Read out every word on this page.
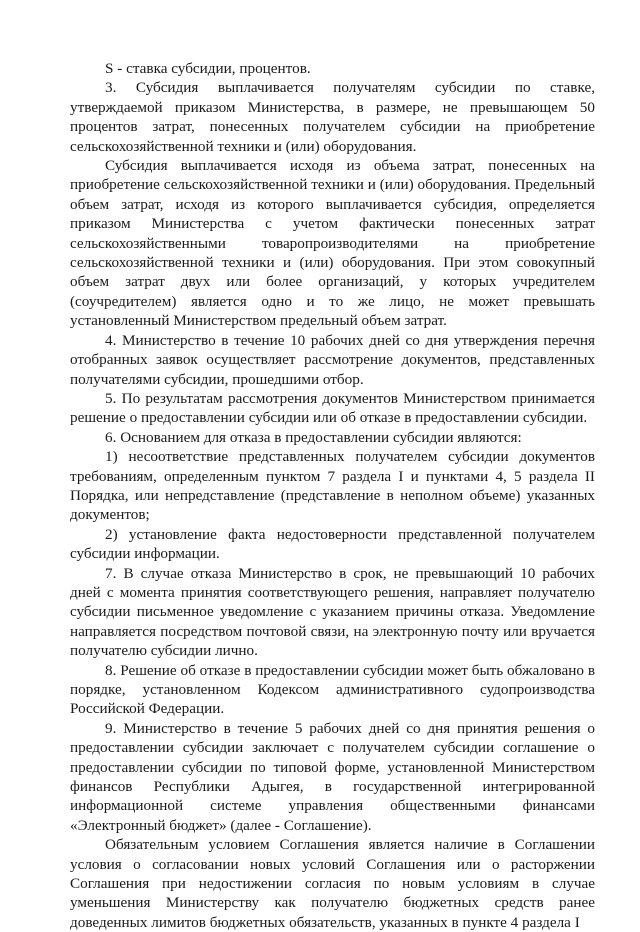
S - ставка субсидии, процентов.

3. Субсидия выплачивается получателям субсидии по ставке, утверждаемой приказом Министерства, в размере, не превышающем 50 процентов затрат, понесенных получателем субсидии на приобретение сельскохозяйственной техники и (или) оборудования.

Субсидия выплачивается исходя из объема затрат, понесенных на приобретение сельскохозяйственной техники и (или) оборудования. Предельный объем затрат, исходя из которого выплачивается субсидия, определяется приказом Министерства с учетом фактически понесенных затрат сельскохозяйственными товаропроизводителями на приобретение сельскохозяйственной техники и (или) оборудования. При этом совокупный объем затрат двух или более организаций, у которых учредителем (соучредителем) является одно и то же лицо, не может превышать установленный Министерством предельный объем затрат.

4. Министерство в течение 10 рабочих дней со дня утверждения перечня отобранных заявок осуществляет рассмотрение документов, представленных получателями субсидии, прошедшими отбор.

5. По результатам рассмотрения документов Министерством принимается решение о предоставлении субсидии или об отказе в предоставлении субсидии.

6. Основанием для отказа в предоставлении субсидии являются:

1) несоответствие представленных получателем субсидии документов требованиям, определенным пунктом 7 раздела I и пунктами 4, 5 раздела II Порядка, или непредставление (представление в неполном объеме) указанных документов;

2) установление факта недостоверности представленной получателем субсидии информации.

7. В случае отказа Министерство в срок, не превышающий 10 рабочих дней с момента принятия соответствующего решения, направляет получателю субсидии письменное уведомление с указанием причины отказа. Уведомление направляется посредством почтовой связи, на электронную почту или вручается получателю субсидии лично.

8. Решение об отказе в предоставлении субсидии может быть обжаловано в порядке, установленном Кодексом административного судопроизводства Российской Федерации.

9. Министерство в течение 5 рабочих дней со дня принятия решения о предоставлении субсидии заключает с получателем субсидии соглашение о предоставлении субсидии по типовой форме, установленной Министерством финансов Республики Адыгея, в государственной интегрированной информационной системе управления общественными финансами «Электронный бюджет» (далее - Соглашение).

Обязательным условием Соглашения является наличие в Соглашении условия о согласовании новых условий Соглашения или о расторжении Соглашения при недостижении согласия по новым условиям в случае уменьшения Министерству как получателю бюджетных средств ранее доведенных лимитов бюджетных обязательств, указанных в пункте 4 раздела I
